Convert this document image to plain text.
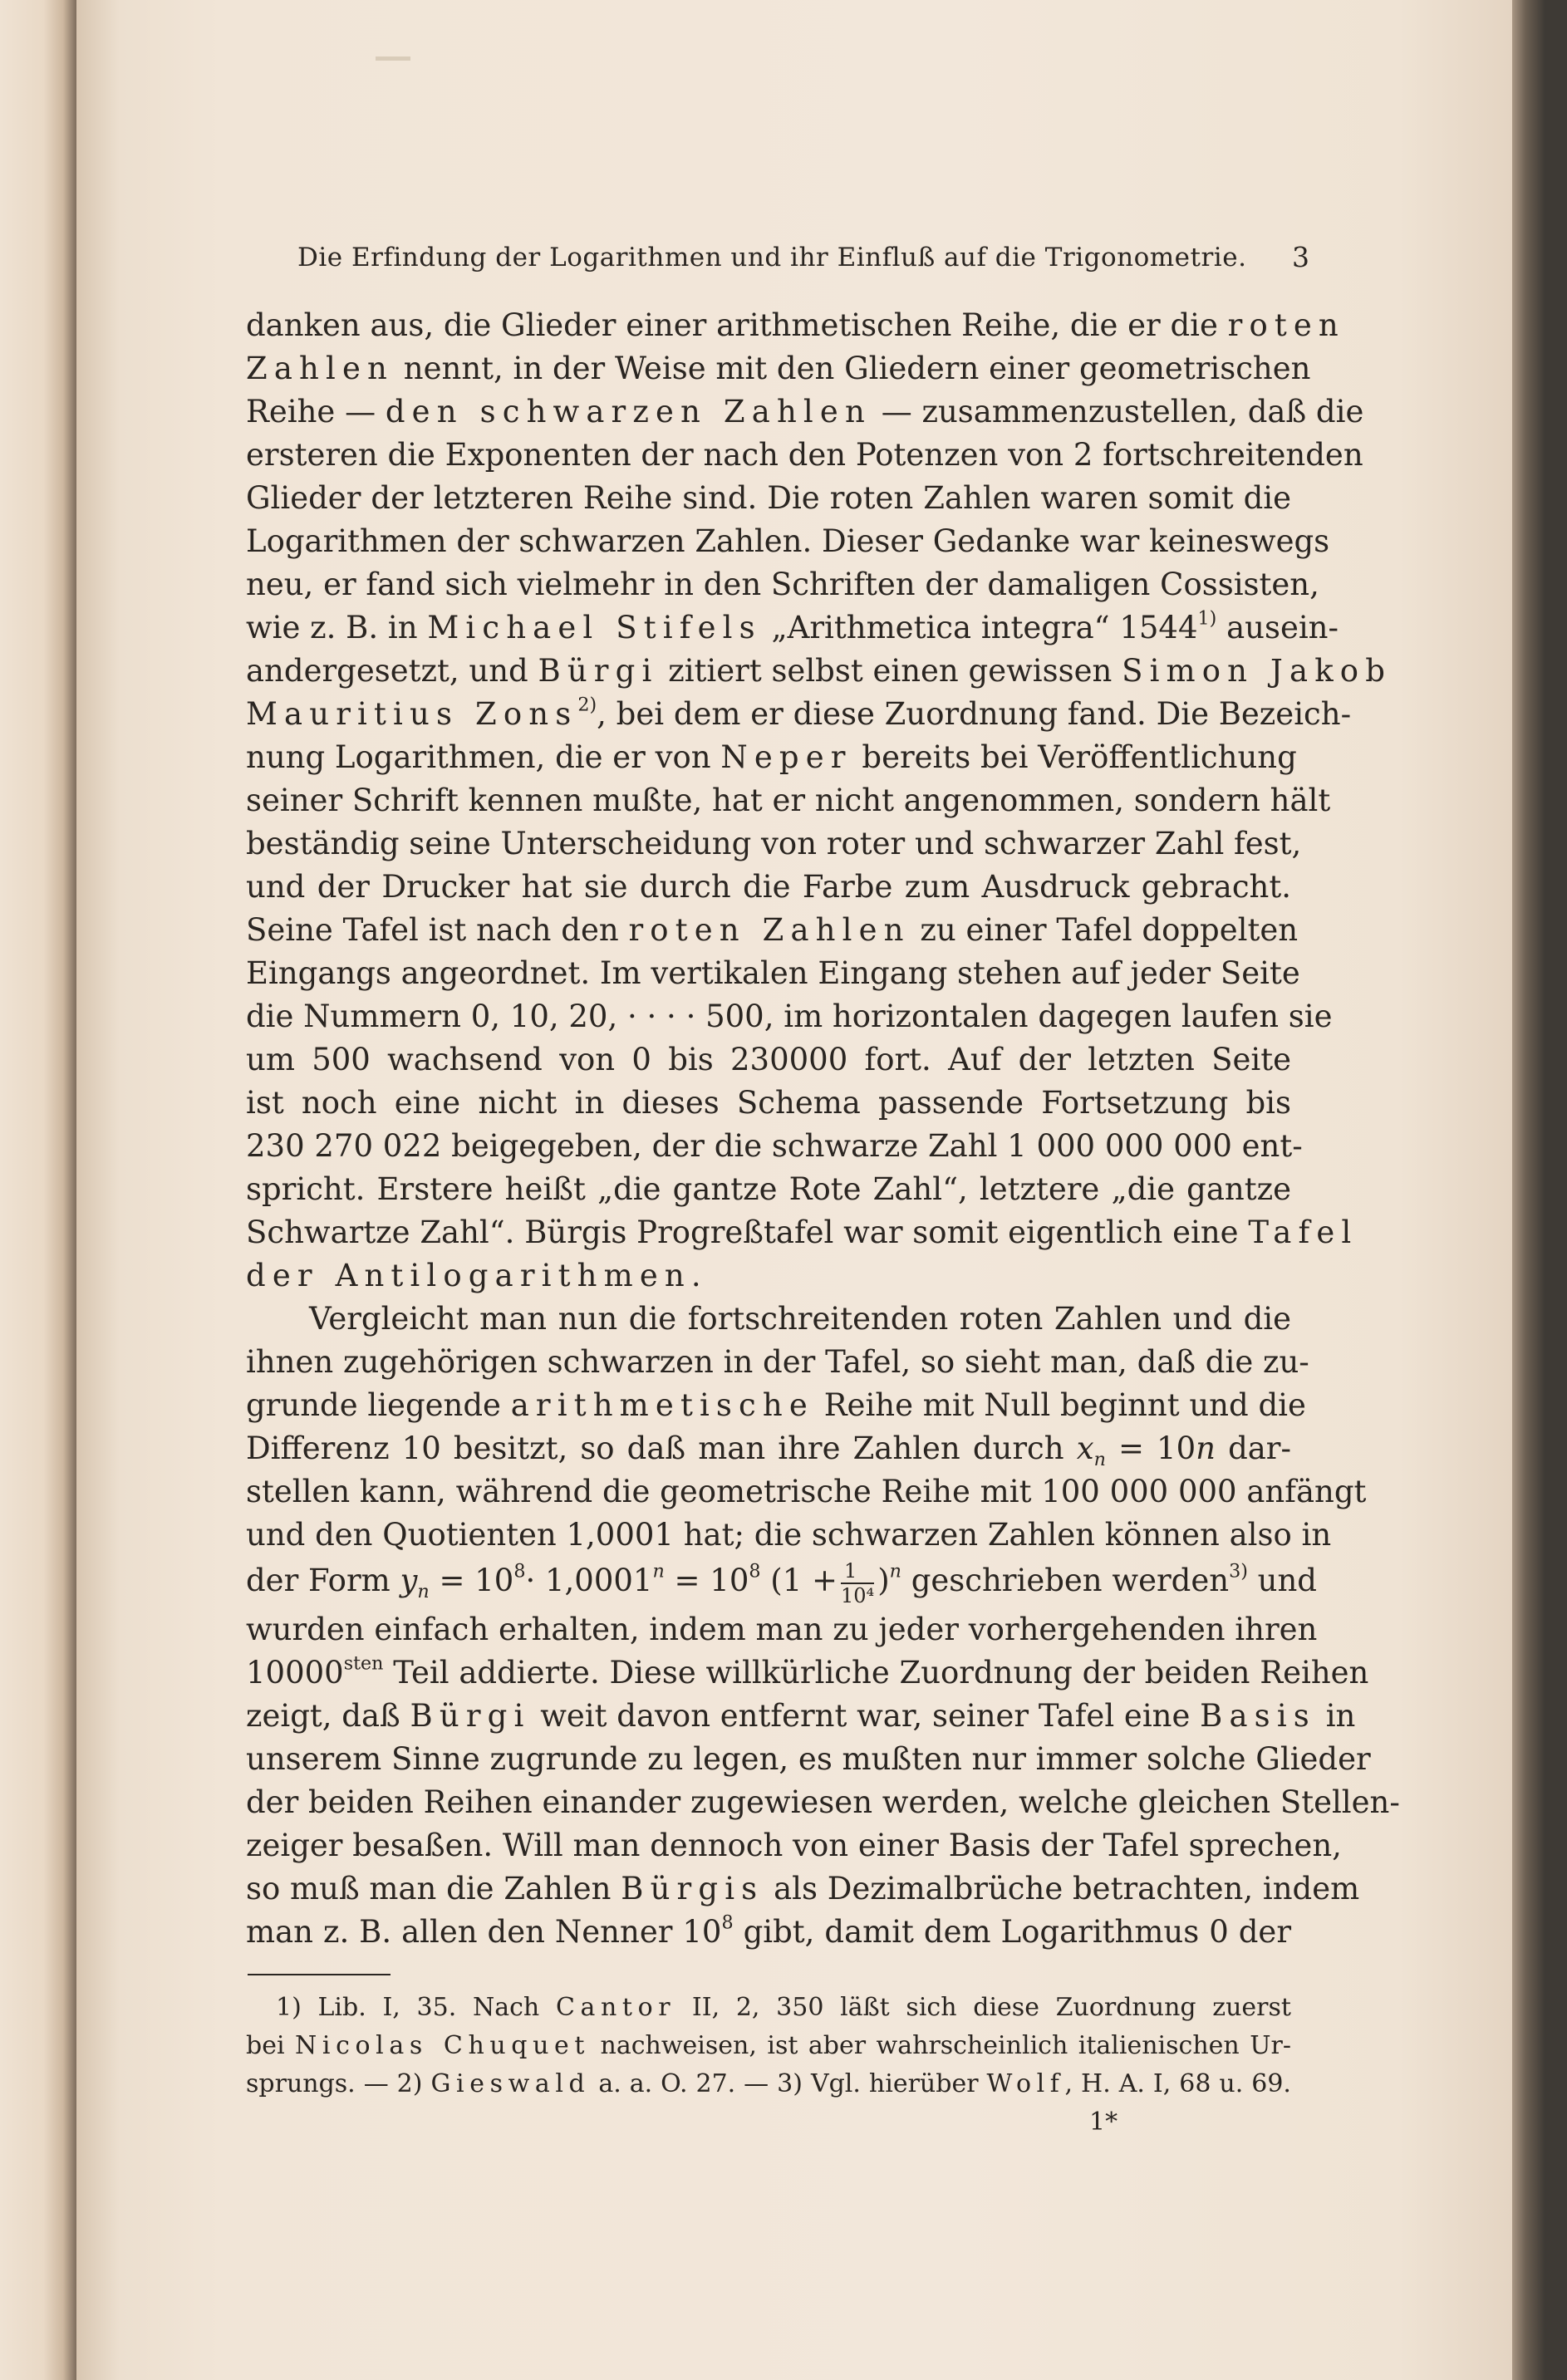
Die Erfindung der Logarithmen und ihr Einfluß auf die Trigonometrie. 3
danken aus, die Glieder einer arithmetischen Reihe, die er die roten
Zahlen nennt, in der Weise mit den Gliedern einer geometrischen
Reihe — den schwarzen Zahlen — zusammenzustellen, daß die
ersteren die Exponenten der nach den Potenzen von 2 fortschreitenden
Glieder der letzteren Reihe sind. Die roten Zahlen waren somit die
Logarithmen der schwarzen Zahlen. Dieser Gedanke war keineswegs
neu, er fand sich vielmehr in den Schriften der damaligen Cossisten,
wie z. B. in Michael Stifels „Arithmetica integra“ 1544$^{1)}$ ausein-
andergesetzt, und Bürgi zitiert selbst einen gewissen Simon Jakob
Mauritius Zons$^{2)}$, bei dem er diese Zuordnung fand. Die Bezeich-
nung Logarithmen, die er von Neper bereits bei Veröffentlichung
seiner Schrift kennen mußte, hat er nicht angenommen, sondern hält
beständig seine Unterscheidung von roter und schwarzer Zahl fest,
und der Drucker hat sie durch die Farbe zum Ausdruck gebracht.
Seine Tafel ist nach den roten Zahlen zu einer Tafel doppelten
Eingangs angeordnet. Im vertikalen Eingang stehen auf jeder Seite
die Nummern 0, 10, 20, · · · · 500, im horizontalen dagegen laufen sie
um 500 wachsend von 0 bis 230000 fort. Auf der letzten Seite
ist noch eine nicht in dieses Schema passende Fortsetzung bis
230 270 022 beigegeben, der die schwarze Zahl 1 000 000 000 ent-
spricht. Erstere heißt „die gantze Rote Zahl“, letztere „die gantze
Schwartze Zahl“. Bürgis Progreßtafel war somit eigentlich eine Tafel
der Antilogarithmen.
Vergleicht man nun die fortschreitenden roten Zahlen und die
ihnen zugehörigen schwarzen in der Tafel, so sieht man, daß die zu-
grunde liegende arithmetische Reihe mit Null beginnt und die
Differenz 10 besitzt, so daß man ihre Zahlen durch $x_n = 10n$ dar-
stellen kann, während die geometrische Reihe mit 100 000 000 anfängt
und den Quotienten 1,0001 hat; die schwarzen Zahlen können also in
der Form $y_n = 10^8\cdot 1,0001^n = 10^8$ $(1 + \frac{1}{\text{10⁴}} )^n$ geschrieben werden$^{3)}$ und
wurden einfach erhalten, indem man zu jeder vorhergehenden ihren
$10000^{sten}$ Teil addierte. Diese willkürliche Zuordnung der beiden Reihen
zeigt, daß Bürgi weit davon entfernt war, seiner Tafel eine Basis in
unserem Sinne zugrunde zu legen, es mußten nur immer solche Glieder
der beiden Reihen einander zugewiesen werden, welche gleichen Stellen-
zeiger besaßen. Will man dennoch von einer Basis der Tafel sprechen,
so muß man die Zahlen Bürgis als Dezimalbrüche betrachten, indem
man z. B. allen den Nenner $10^8$ gibt, damit dem Logarithmus 0 der
1) Lib. I, 35. Nach Cantor II, 2, 350 läßt sich diese Zuordnung zuerst
bei Nicolas Chuquet nachweisen, ist aber wahrscheinlich italienischen Ur-
sprungs. — 2) Gieswald a. a. O. 27. — 3) Vgl. hierüber Wolf, H. A. I, 68 u. 69.
1*
